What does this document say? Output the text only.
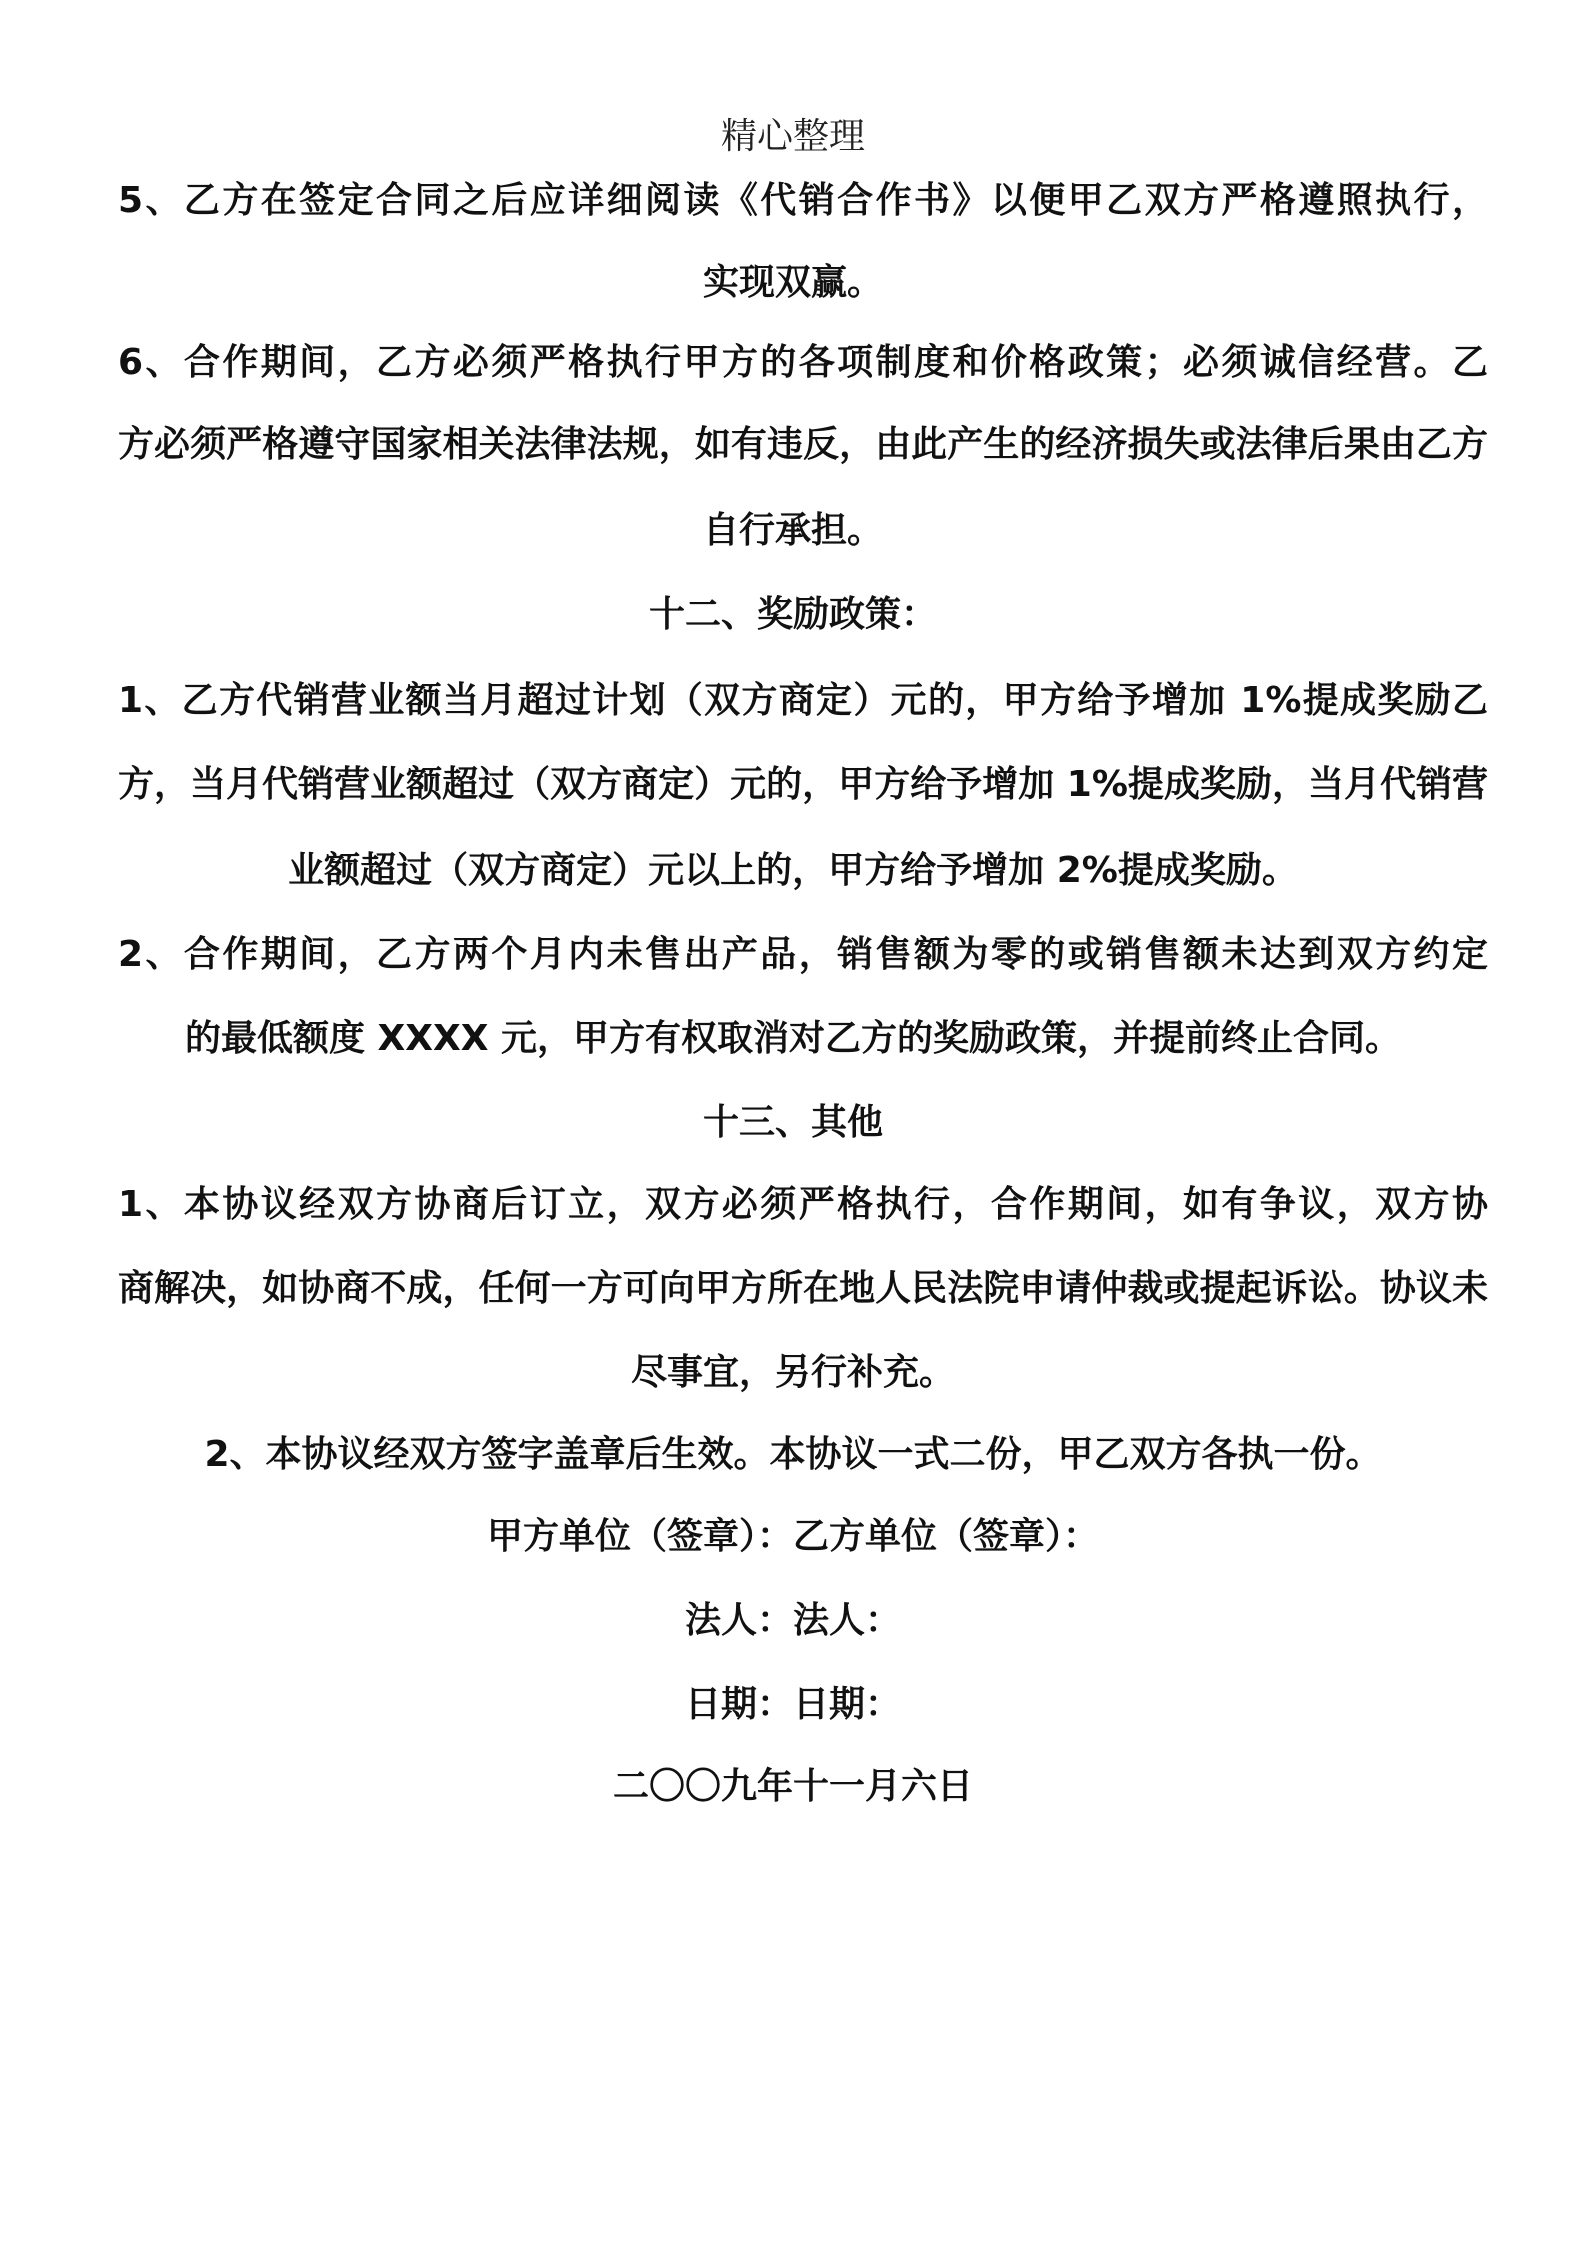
精心整理
5、乙方在签定合同之后应详细阅读《代销合作书》以便甲乙双方严格遵照执行，
实现双赢。
6、合作期间，乙方必须严格执行甲方的各项制度和价格政策；必须诚信经营。乙
方必须严格遵守国家相关法律法规，如有违反，由此产生的经济损失或法律后果由乙方
自行承担。
十二、奖励政策：
1、乙方代销营业额当月超过计划（双方商定）元的，甲方给予增加 1%提成奖励乙
方，当月代销营业额超过（双方商定）元的，甲方给予增加 1%提成奖励，当月代销营
业额超过（双方商定）元以上的，甲方给予增加 2%提成奖励。
2、合作期间，乙方两个月内未售出产品，销售额为零的或销售额未达到双方约定
的最低额度 XXXX 元，甲方有权取消对乙方的奖励政策，并提前终止合同。
十三、其他
1、本协议经双方协商后订立，双方必须严格执行，合作期间，如有争议，双方协
商解决，如协商不成，任何一方可向甲方所在地人民法院申请仲裁或提起诉讼。协议未
尽事宜，另行补充。
2、本协议经双方签字盖章后生效。本协议一式二份，甲乙双方各执一份。
甲方单位（签章）：乙方单位（签章）：
法人：法人：
日期：日期：
二〇〇九年十一月六日
